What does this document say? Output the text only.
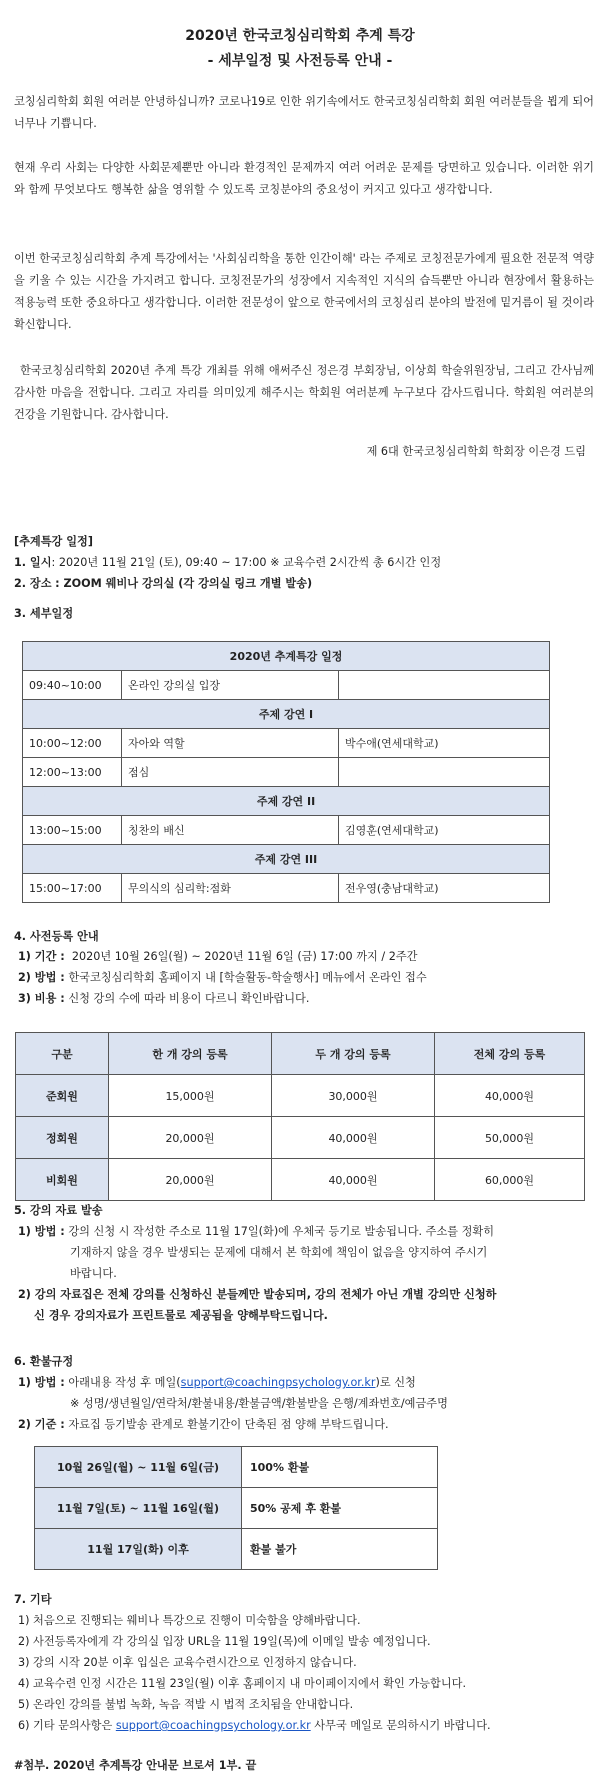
2020년 한국코칭심리학회 추계 특강
- 세부일정 및 사전등록 안내 -
코칭심리학회 회원 여러분 안녕하십니까? 코로나19로 인한 위기속에서도 한국코칭심리학회 회원 여러분들을 뵙게 되어 너무나 기쁩니다.
현재 우리 사회는 다양한 사회문제뿐만 아니라 환경적인 문제까지 여러 어려운 문제를 당면하고 있습니다. 이러한 위기와 함께 무엇보다도 행복한 삶을 영위할 수 있도록 코칭분야의 중요성이 커지고 있다고 생각합니다.
이번 한국코칭심리학회 추계 특강에서는 '사회심리학을 통한 인간이해' 라는 주제로 코칭전문가에게 필요한 전문적 역량을 키울 수 있는 시간을 가지려고 합니다. 코칭전문가의 성장에서 지속적인 지식의 습득뿐만 아니라 현장에서 활용하는 적용능력 또한 중요하다고 생각합니다. 이러한 전문성이 앞으로 한국에서의 코칭심리 분야의 발전에 밑거름이 될 것이라 확신합니다.
한국코칭심리학회 2020년 추계 특강 개최를 위해 애써주신 정은경 부회장님, 이상희 학술위원장님, 그리고 간사님께 감사한 마음을 전합니다. 그리고 자리를 의미있게 해주시는 학회원 여러분께 누구보다 감사드립니다. 학회원 여러분의 건강을 기원합니다. 감사합니다.
제 6대 한국코칭심리학회 학회장 이은경 드림
[추계특강 일정]
1. 일시: 2020년 11월 21일 (토), 09:40 ~ 17:00 ※ 교육수련 2시간씩 총 6시간 인정
2. 장소 : ZOOM 웨비나 강의실 (각 강의실 링크 개별 발송)
3. 세부일정
2020년 추계특강 일정		
09:40~10:00	온라인 강의실 입장	
주제 강연 I		
10:00~12:00	자아와 역할	박수애(연세대학교)
12:00~13:00	점심	
주제 강연 II		
13:00~15:00	칭찬의 배신	김영훈(연세대학교)
주제 강연 III		
15:00~17:00	무의식의 심리학:점화	전우영(충남대학교)
4. 사전등록 안내
1) 기간 : 2020년 10월 26일(월) ~ 2020년 11월 6일 (금) 17:00 까지 / 2주간
2) 방법 : 한국코칭심리학회 홈페이지 내 [학술활동-학술행사] 메뉴에서 온라인 접수
3) 비용 : 신청 강의 수에 따라 비용이 다르니 확인바랍니다.
구분	한 개 강의 등록	두 개 강의 등록	전체 강의 등록
준회원	15,000원	30,000원	40,000원
정회원	20,000원	40,000원	50,000원
비회원	20,000원	40,000원	60,000원
5. 강의 자료 발송
1) 방법 : 강의 신청 시 작성한 주소로 11월 17일(화)에 우체국 등기로 발송됩니다. 주소를 정확히
기재하지 않을 경우 발생되는 문제에 대해서 본 학회에 책임이 없음을 양지하여 주시기
바랍니다.
2) 강의 자료집은 전체 강의를 신청하신 분들께만 발송되며, 강의 전체가 아닌 개별 강의만 신청하
신 경우 강의자료가 프린트물로 제공됨을 양해부탁드립니다.
6. 환불규정
1) 방법 : 아래내용 작성 후 메일(support@coachingpsychology.or.kr)로 신청
※ 성명/생년월일/연락처/환불내용/환불금액/환불받을 은행/계좌번호/예금주명
2) 기준 : 자료집 등기발송 관계로 환불기간이 단축된 점 양해 부탁드립니다.
10월 26일(월) ~ 11월 6일(금)	100% 환불
11월 7일(토) ~ 11월 16일(월)	50% 공제 후 환불
11월 17일(화) 이후	환불 불가
7. 기타
1) 처음으로 진행되는 웨비나 특강으로 진행이 미숙함을 양해바랍니다.
2) 사전등록자에게 각 강의실 입장 URL을 11월 19일(목)에 이메일 발송 예정입니다.
3) 강의 시작 20분 이후 입실은 교육수련시간으로 인정하지 않습니다.
4) 교육수련 인정 시간은 11월 23일(월) 이후 홈페이지 내 마이페이지에서 확인 가능합니다.
5) 온라인 강의를 불법 녹화, 녹음 적발 시 법적 조치됨을 안내합니다.
6) 기타 문의사항은 support@coachingpsychology.or.kr 사무국 메일로 문의하시기 바랍니다.
#첨부. 2020년 추계특강 안내문 브로셔 1부. 끝
